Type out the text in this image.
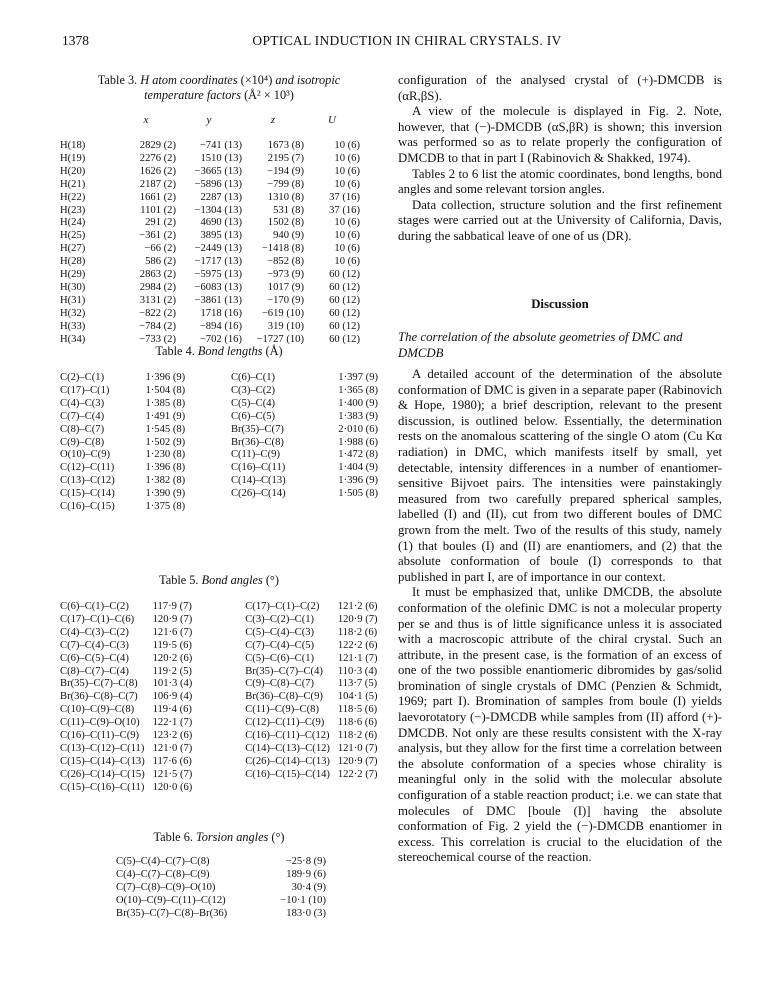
1378	OPTICAL INDUCTION IN CHIRAL CRYSTALS. IV
Table 3. H atom coordinates (×10⁴) and isotropic
temperature factors (Å² × 10³)
x	y	z	U
H(18)	2829 (2)	−741 (13)	1673 (8)	10 (6)
H(19)	2276 (2)	1510 (13)	2195 (7)	10 (6)
H(20)	1626 (2)	−3665 (13)	−194 (9)	10 (6)
H(21)	2187 (2)	−5896 (13)	−799 (8)	10 (6)
H(22)	1661 (2)	2287 (13)	1310 (8)	37 (16)
H(23)	1101 (2)	−1304 (13)	531 (8)	37 (16)
H(24)	291 (2)	4690 (13)	1502 (8)	10 (6)
H(25)	−361 (2)	3895 (13)	940 (9)	10 (6)
H(27)	−66 (2)	−2449 (13)	−1418 (8)	10 (6)
H(28)	586 (2)	−1717 (13)	−852 (8)	10 (6)
H(29)	2863 (2)	−5975 (13)	−973 (9)	60 (12)
H(30)	2984 (2)	−6083 (13)	1017 (9)	60 (12)
H(31)	3131 (2)	−3861 (13)	−170 (9)	60 (12)
H(32)	−822 (2)	1718 (16)	−619 (10)	60 (12)
H(33)	−784 (2)	−894 (16)	319 (10)	60 (12)
H(34)	−733 (2)	−702 (16)	−1727 (10)	60 (12)
Table 4. Bond lengths (Å)
C(2)–C(1)	1·396 (9)	C(6)–C(1)	1·397 (9)
C(17)–C(1)	1·504 (8)	C(3)–C(2)	1·365 (8)
C(4)–C(3)	1·385 (8)	C(5)–C(4)	1·400 (9)
C(7)–C(4)	1·491 (9)	C(6)–C(5)	1·383 (9)
C(8)–C(7)	1·545 (8)	Br(35)–C(7)	2·010 (6)
C(9)–C(8)	1·502 (9)	Br(36)–C(8)	1·988 (6)
O(10)–C(9)	1·230 (8)	C(11)–C(9)	1·472 (8)
C(12)–C(11)	1·396 (8)	C(16)–C(11)	1·404 (9)
C(13)–C(12)	1·382 (8)	C(14)–C(13)	1·396 (9)
C(15)–C(14)	1·390 (9)	C(26)–C(14)	1·505 (8)
C(16)–C(15)	1·375 (8)
Table 5. Bond angles (°)
C(6)–C(1)–C(2)	117·9 (7)	C(17)–C(1)–C(2)	121·2 (6)
C(17)–C(1)–C(6)	120·9 (7)	C(3)–C(2)–C(1)	120·9 (7)
C(4)–C(3)–C(2)	121·6 (7)	C(5)–C(4)–C(3)	118·2 (6)
C(7)–C(4)–C(3)	119·5 (6)	C(7)–C(4)–C(5)	122·2 (6)
C(6)–C(5)–C(4)	120·2 (6)	C(5)–C(6)–C(1)	121·1 (7)
C(8)–C(7)–C(4)	119·2 (5)	Br(35)–C(7)–C(4)	110·3 (4)
Br(35)–C(7)–C(8)	101·3 (4)	C(9)–C(8)–C(7)	113·7 (5)
Br(36)–C(8)–C(7)	106·9 (4)	Br(36)–C(8)–C(9)	104·1 (5)
C(10)–C(9)–C(8)	119·4 (6)	C(11)–C(9)–C(8)	118·5 (6)
C(11)–C(9)–O(10)	122·1 (7)	C(12)–C(11)–C(9)	118·6 (6)
C(16)–C(11)–C(9)	123·2 (6)	C(16)–C(11)–C(12) 118·2 (6)
C(13)–C(12)–C(11) 121·0 (7)	C(14)–C(13)–C(12) 121·0 (7)
C(15)–C(14)–C(13) 117·6 (6)	C(26)–C(14)–C(13) 120·9 (7)
C(26)–C(14)–C(15) 121·5 (7)	C(16)–C(15)–C(14) 122·2 (7)
C(15)–C(16)–C(11) 120·0 (6)
Table 6. Torsion angles (°)
C(5)–C(4)–C(7)–C(8)	−25·8 (9)
C(4)–C(7)–C(8)–C(9)	189·9 (6)
C(7)–C(8)–C(9)–O(10)	30·4 (9)
O(10)–C(9)–C(11)–C(12)	−10·1 (10)
Br(35)–C(7)–C(8)–Br(36)	183·0 (3)

configuration of the analysed crystal of (+)-DMCDB is (αR,βS).

A view of the molecule is displayed in Fig. 2. Note, however, that (−)-DMCDB (αS,βR) is shown; this inversion was performed so as to relate properly the configuration of DMCDB to that in part I (Rabinovich & Shakked, 1974).

Tables 2 to 6 list the atomic coordinates, bond lengths, bond angles and some relevant torsion angles.

Data collection, structure solution and the first refinement stages were carried out at the University of California, Davis, during the sabbatical leave of one of us (DR).

Discussion
The correlation of the absolute geometries of DMC and DMCDB

A detailed account of the determination of the absolute conformation of DMC is given in a separate paper (Rabinovich & Hope, 1980); a brief description, relevant to the present discussion, is outlined below. Essentially, the determination rests on the anomalous scattering of the single O atom (Cu Kα radiation) in DMC, which manifests itself by small, yet detectable, intensity differences in a number of enantiomer-sensitive Bijvoet pairs. The intensities were painstakingly measured from two carefully prepared spherical samples, labelled (I) and (II), cut from two different boules of DMC grown from the melt. Two of the results of this study, namely (1) that boules (I) and (II) are enantiomers, and (2) that the absolute conformation of boule (I) corresponds to that published in part I, are of importance in our context.

It must be emphasized that, unlike DMCDB, the absolute conformation of the olefinic DMC is not a molecular property per se and thus is of little significance unless it is associated with a macroscopic attribute of the chiral crystal. Such an attribute, in the present case, is the formation of an excess of one of the two possible enantiomeric dibromides by gas/solid bromination of single crystals of DMC (Penzien & Schmidt, 1969; part I). Bromination of samples from boule (I) yields laevorotatory (−)-DMCDB while samples from (II) afford (+)-DMCDB. Not only are these results consistent with the X-ray analysis, but they allow for the first time a correlation between the absolute conformation of a species whose chirality is meaningful only in the solid with the molecular absolute configuration of a stable reaction product; i.e. we can state that molecules of DMC [boule (I)] having the absolute conformation of Fig. 2 yield the (−)-DMCDB enantiomer in excess. This correlation is crucial to the elucidation of the stereochemical course of the reaction.
